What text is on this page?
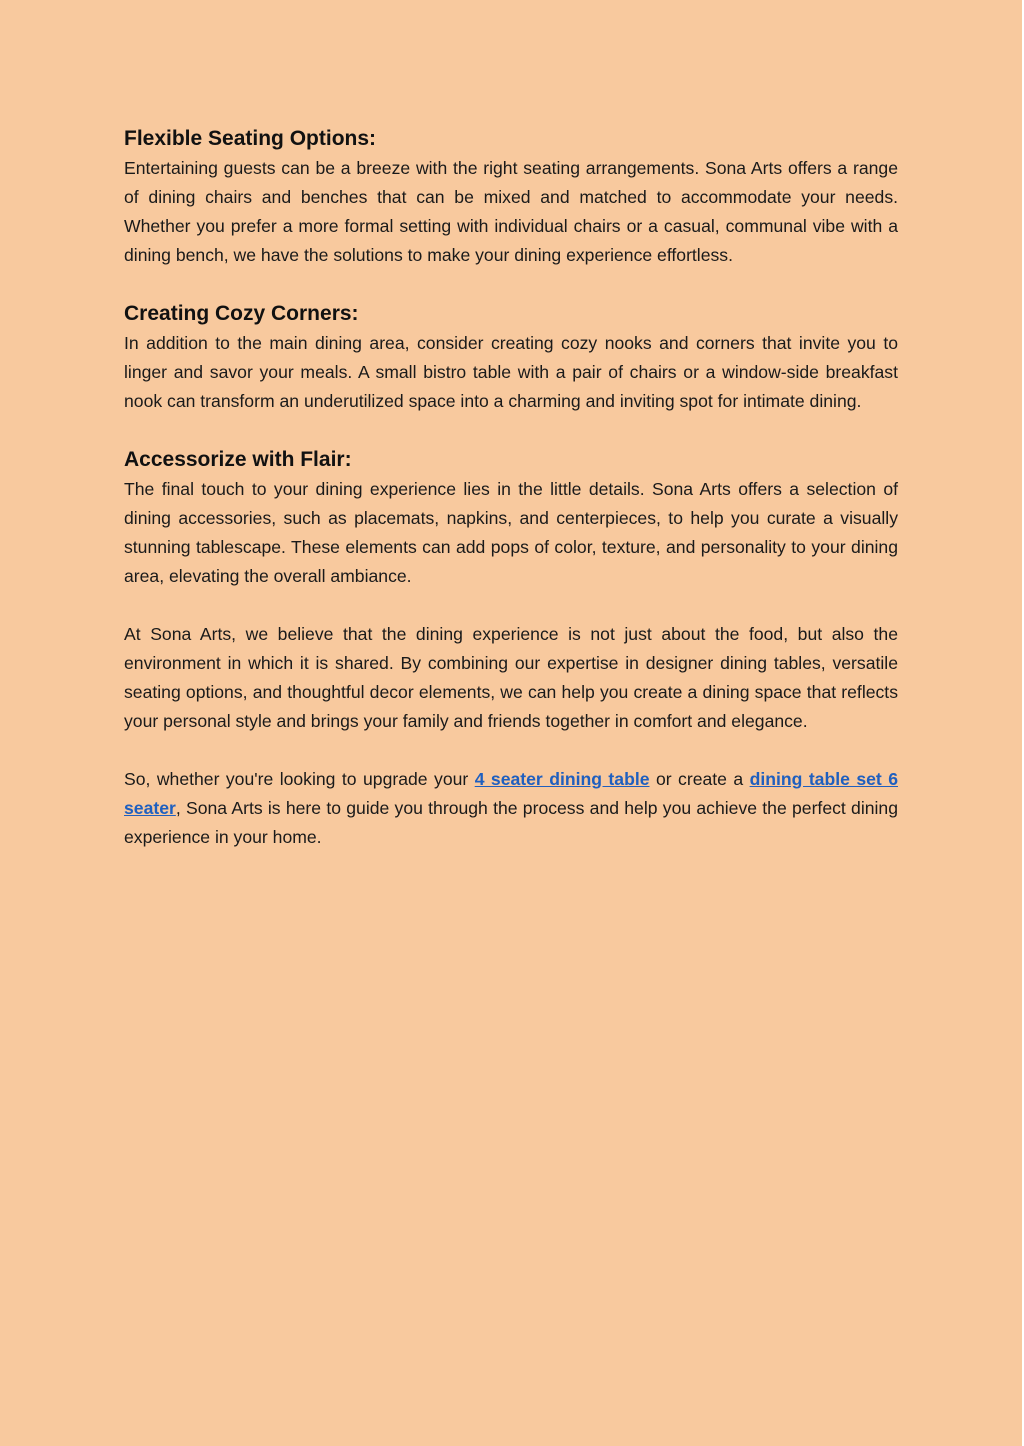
Flexible Seating Options:

Entertaining guests can be a breeze with the right seating arrangements. Sona Arts offers a range of dining chairs and benches that can be mixed and matched to accommodate your needs. Whether you prefer a more formal setting with individual chairs or a casual, communal vibe with a dining bench, we have the solutions to make your dining experience effortless.

Creating Cozy Corners:

In addition to the main dining area, consider creating cozy nooks and corners that invite you to linger and savor your meals. A small bistro table with a pair of chairs or a window-side breakfast nook can transform an underutilized space into a charming and inviting spot for intimate dining.

Accessorize with Flair:

The final touch to your dining experience lies in the little details. Sona Arts offers a selection of dining accessories, such as placemats, napkins, and centerpieces, to help you curate a visually stunning tablescape. These elements can add pops of color, texture, and personality to your dining area, elevating the overall ambiance.

At Sona Arts, we believe that the dining experience is not just about the food, but also the environment in which it is shared. By combining our expertise in designer dining tables, versatile seating options, and thoughtful decor elements, we can help you create a dining space that reflects your personal style and brings your family and friends together in comfort and elegance.

So, whether you're looking to upgrade your 4 seater dining table or create a dining table set 6 seater, Sona Arts is here to guide you through the process and help you achieve the perfect dining experience in your home.
